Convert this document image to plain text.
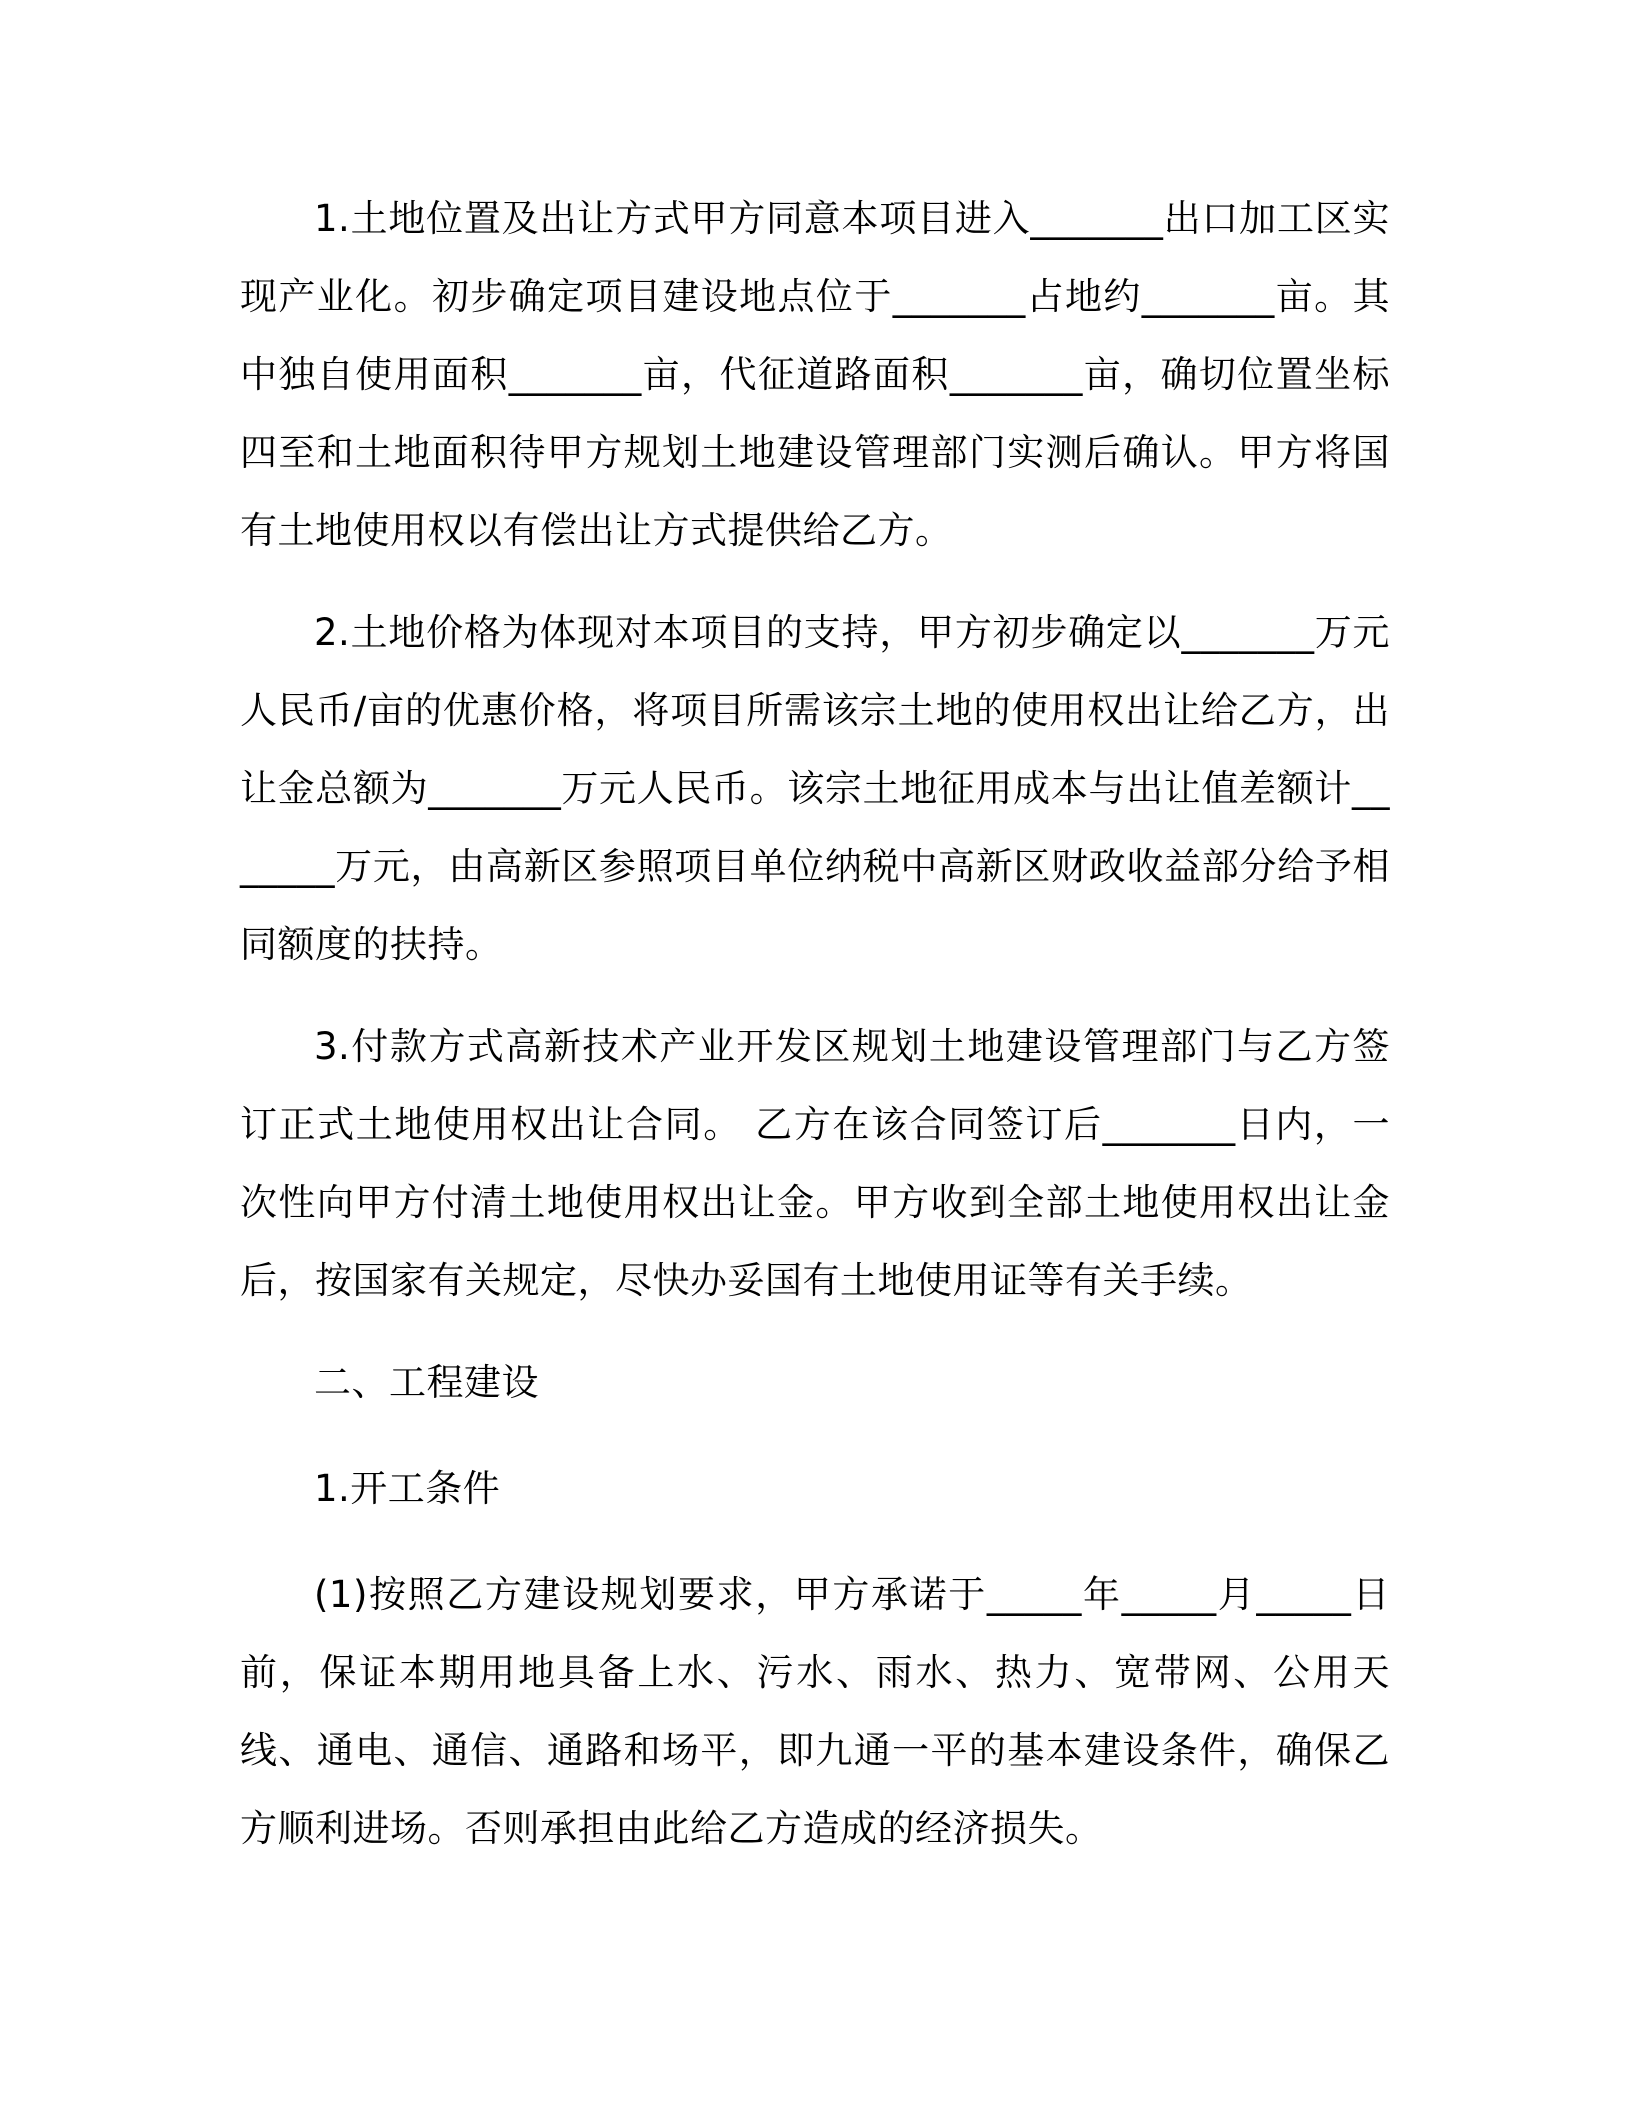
1.土地位置及出让方式甲方同意本项目进入_______出口加工区实现产业化。初步确定项目建设地点位于_______占地约_______亩。其中独自使用面积_______亩，代征道路面积_______亩，确切位置坐标四至和土地面积待甲方规划土地建设管理部门实测后确认。甲方将国有土地使用权以有偿出让方式提供给乙方。

2.土地价格为体现对本项目的支持，甲方初步确定以_______万元人民币/亩的优惠价格，将项目所需该宗土地的使用权出让给乙方，出让金总额为_______万元人民币。该宗土地征用成本与出让值差额计_______万元，由高新区参照项目单位纳税中高新区财政收益部分给予相同额度的扶持。

3.付款方式高新技术产业开发区规划土地建设管理部门与乙方签订正式土地使用权出让合同。 乙方在该合同签订后_______日内，一次性向甲方付清土地使用权出让金。甲方收到全部土地使用权出让金后，按国家有关规定，尽快办妥国有土地使用证等有关手续。

二、工程建设

1.开工条件

(1)按照乙方建设规划要求，甲方承诺于_____年_____月_____日前，保证本期用地具备上水、污水、雨水、热力、宽带网、公用天线、通电、通信、通路和场平，即九通一平的基本建设条件，确保乙方顺利进场。否则承担由此给乙方造成的经济损失。
